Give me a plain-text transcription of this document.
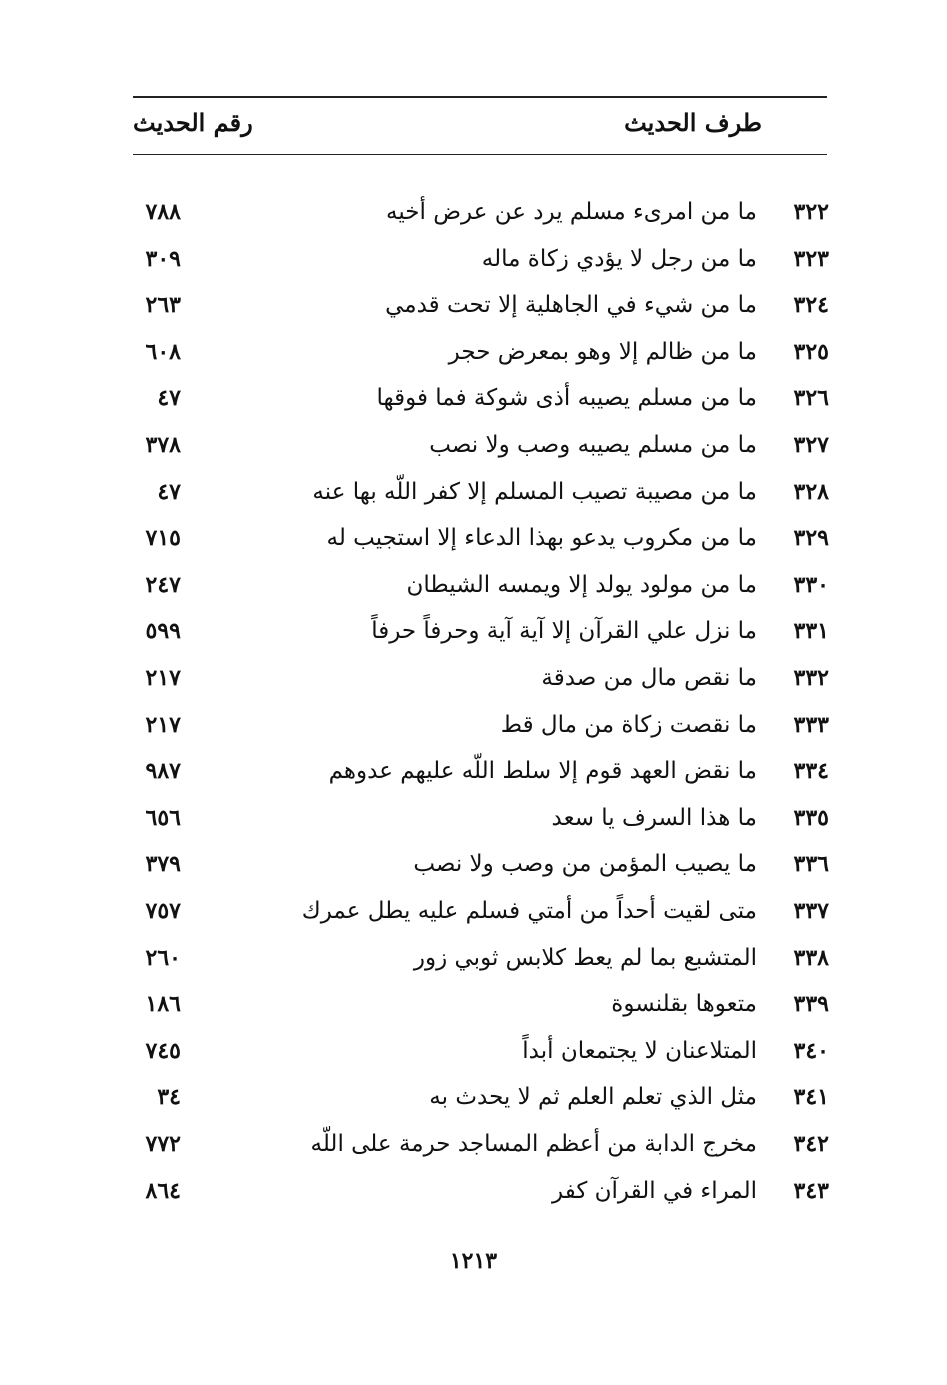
طرف الحديث
رقم الحديث
٣٢٢
ما من امرىء مسلم يرد عن عرض أخيه
٧٨٨
٣٢٣
ما من رجل لا يؤدي زكاة ماله
٣٠٩
٣٢٤
ما من شيء في الجاهلية إلا تحت قدمي
٢٦٣
٣٢٥
ما من ظالم إلا وهو بمعرض حجر
٦٠٨
٣٢٦
ما من مسلم يصيبه أذى شوكة فما فوقها
٤٧
٣٢٧
ما من مسلم يصيبه وصب ولا نصب
٣٧٨
٣٢٨
ما من مصيبة تصيب المسلم إلا كفر اللّه بها عنه
٤٧
٣٢٩
ما من مكروب يدعو بهذا الدعاء إلا استجيب له
٧١٥
٣٣٠
ما من مولود يولد إلا ويمسه الشيطان
٢٤٧
٣٣١
ما نزل علي القرآن إلا آية آية وحرفاً حرفاً
٥٩٩
٣٣٢
ما نقص مال من صدقة
٢١٧
٣٣٣
ما نقصت زكاة من مال قط
٢١٧
٣٣٤
ما نقض العهد قوم إلا سلط اللّه عليهم عدوهم
٩٨٧
٣٣٥
ما هذا السرف يا سعد
٦٥٦
٣٣٦
ما يصيب المؤمن من وصب ولا نصب
٣٧٩
٣٣٧
متى لقيت أحداً من أمتي فسلم عليه يطل عمرك
٧٥٧
٣٣٨
المتشبع بما لم يعط كلابس ثوبي زور
٢٦٠
٣٣٩
متعوها بقلنسوة
١٨٦
٣٤٠
المتلاعنان لا يجتمعان أبداً
٧٤٥
٣٤١
مثل الذي تعلم العلم ثم لا يحدث به
٣٤
٣٤٢
مخرج الدابة من أعظم المساجد حرمة على اللّه
٧٧٢
٣٤٣
المراء في القرآن كفر
٨٦٤
١٢١٣
